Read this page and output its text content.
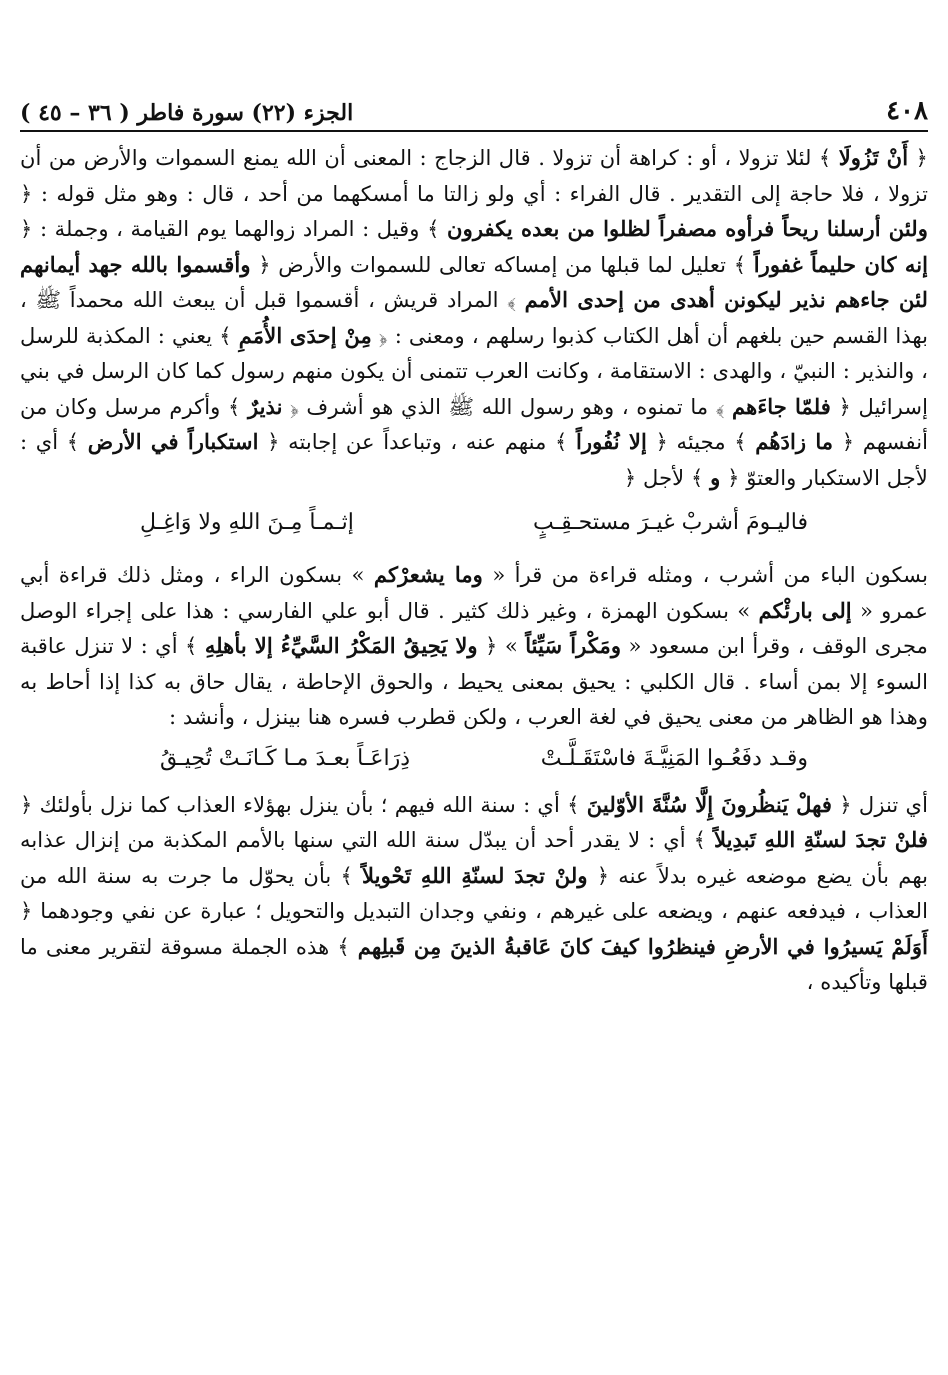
٤٠٨
الجزء (٢٢) سورة فاطر ( ٣٦ – ٤٥ )

﴿ أَنْ تَزُولَا ﴾ لئلا تزولا ، أو : كراهة أن تزولا . قال الزجاج : المعنى أن الله يمنع السموات والأرض من أن تزولا ، فلا حاجة إلى التقدير . قال الفراء : أي ولو زالتا ما أمسكهما من أحد ، قال : وهو مثل قوله : ﴿ ولئن أرسلنا ريحاً فرأوه مصفراً لظلوا من بعده يكفرون ﴾ وقيل : المراد زوالهما يوم القيامة ، وجملة : ﴿ إنه كان حليماً غفوراً ﴾ تعليل لما قبلها من إمساكه تعالى للسموات والأرض ﴿ وأقسموا بالله جهد أيمانهم لئن جاءهم نذير ليكونن أهدى من إحدى الأمم ﴾ المراد قريش ، أقسموا قبل أن يبعث الله محمداً ﷺ ، بهذا القسم حين بلغهم أن أهل الكتاب كذبوا رسلهم ، ومعنى : ﴿ مِنْ إحدَى الأُمَمِ ﴾ يعني : المكذبة للرسل ، والنذير : النبيّ ، والهدى : الاستقامة ، وكانت العرب تتمنى أن يكون منهم رسول كما كان الرسل في بني إسرائيل ﴿ فلمّا جاءَهم ﴾ ما تمنوه ، وهو رسول الله ﷺ الذي هو أشرف ﴿ نذيرٌ ﴾ وأكرم مرسل وكان من أنفسهم ﴿ ما زادَهُم ﴾ مجيئه ﴿ إلا نُفُوراً ﴾ منهم عنه ، وتباعداً عن إجابته ﴿ استكباراً في الأرض ﴾ أي : لأجل الاستكبار والعتوّ ﴿ و ﴾ لأجل ﴿

فاليـومَ أشربْ غيـرَ مستحـقِـبٍ
إثـمـاً مِـنَ اللهِ ولا وَاغِـلِ

بسكون الباء من أشرب ، ومثله قراءة من قرأ « وما يشعرْكم » بسكون الراء ، ومثل ذلك قراءة أبي عمرو « إلى بارئْكم » بسكون الهمزة ، وغير ذلك كثير . قال أبو علي الفارسي : هذا على إجراء الوصل مجرى الوقف ، وقرأ ابن مسعود « ومَكْراً سَيِّئاً » ﴿ ولا يَحِيقُ المَكْرُ السَّيِّءُ إلا بأهلِهِ ﴾ أي : لا تنزل عاقبة السوء إلا بمن أساء . قال الكلبي : يحيق بمعنى يحيط ، والحوق الإحاطة ، يقال حاق به كذا إذا أحاط به وهذا هو الظاهر من معنى يحيق في لغة العرب ، ولكن قطرب فسره هنا بينزل ، وأنشد :

وقـد دفَعُـوا المَنِيَّـةَ فاسْتَقَـلَّـتْ
ذِرَاعَـاً بعـدَ مـا كَـانَـتْ تُحِيـقُ

أي تنزل ﴿ فهلْ يَنظُرونَ إِلَّا سُنَّةَ الأوّلينَ ﴾ أي : سنة الله فيهم ؛ بأن ينزل بهؤلاء العذاب كما نزل بأولئك ﴿ فلنْ تجدَ لسنّةِ اللهِ تَبدِيلاً ﴾ أي : لا يقدر أحد أن يبدّل سنة الله التي سنها بالأمم المكذبة من إنزال عذابه بهم بأن يضع موضعه غيره بدلاً عنه ﴿ ولنْ تجدَ لسنّةِ اللهِ تَحْويلاً ﴾ بأن يحوّل ما جرت به سنة الله من العذاب ، فيدفعه عنهم ، ويضعه على غيرهم ، ونفي وجدان التبديل والتحويل ؛ عبارة عن نفي وجودهما ﴿ أَوَلَمْ يَسيرُوا في الأرضِ فينظرُوا كيفَ كانَ عَاقبةُ الذينَ مِن قَبلِهم ﴾ هذه الجملة مسوقة لتقرير معنى ما قبلها وتأكيده ،
